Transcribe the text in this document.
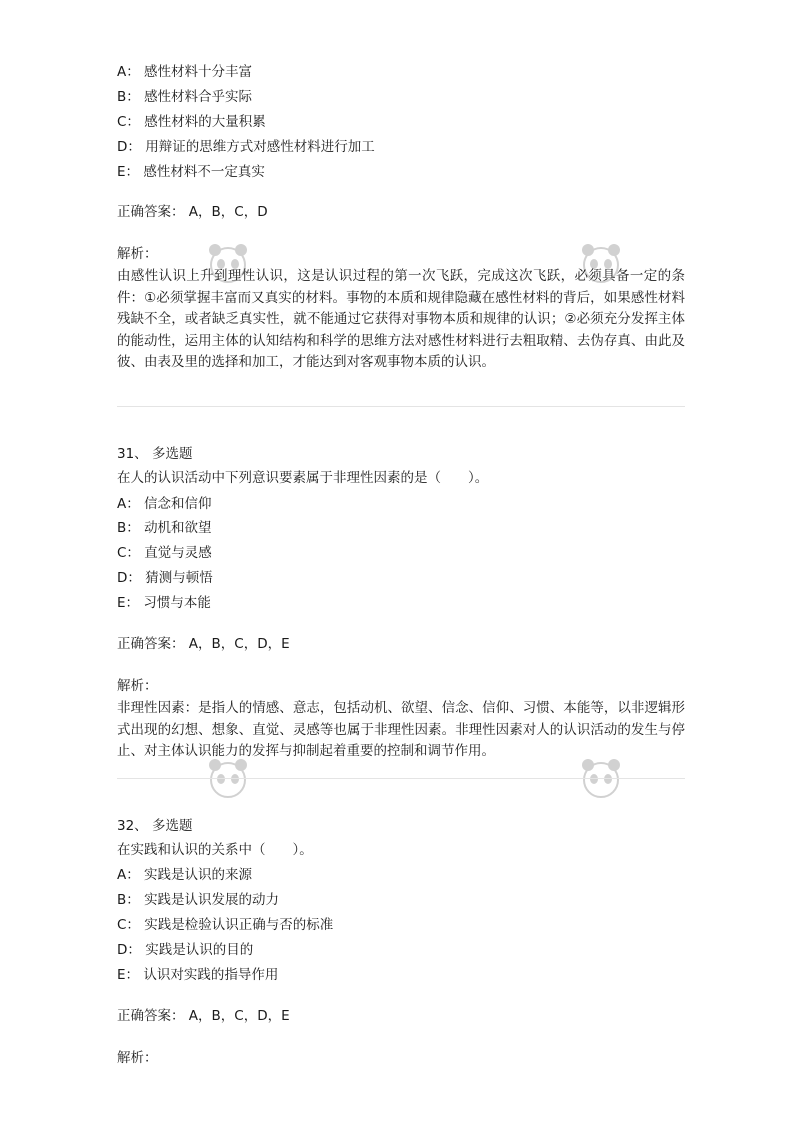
A： 感性材料十分丰富
B： 感性材料合乎实际
C： 感性材料的大量积累
D： 用辩证的思维方式对感性材料进行加工
E： 感性材料不一定真实
正确答案： A，B，C，D
解析：
由感性认识上升到理性认识，这是认识过程的第一次飞跃，完成这次飞跃，必须具备一定的条件：①必须掌握丰富而又真实的材料。事物的本质和规律隐藏在感性材料的背后，如果感性材料残缺不全，或者缺乏真实性，就不能通过它获得对事物本质和规律的认识；②必须充分发挥主体的能动性，运用主体的认知结构和科学的思维方法对感性材料进行去粗取精、去伪存真、由此及彼、由表及里的选择和加工，才能达到对客观事物本质的认识。
31、 多选题
在人的认识活动中下列意识要素属于非理性因素的是（　　）。
A： 信念和信仰
B： 动机和欲望
C： 直觉与灵感
D： 猜测与顿悟
E： 习惯与本能
正确答案： A，B，C，D，E
解析：
非理性因素：是指人的情感、意志，包括动机、欲望、信念、信仰、习惯、本能等，以非逻辑形式出现的幻想、想象、直觉、灵感等也属于非理性因素。非理性因素对人的认识活动的发生与停止、对主体认识能力的发挥与抑制起着重要的控制和调节作用。
32、 多选题
在实践和认识的关系中（　　）。
A： 实践是认识的来源
B： 实践是认识发展的动力
C： 实践是检验认识正确与否的标准
D： 实践是认识的目的
E： 认识对实践的指导作用
正确答案： A，B，C，D，E
解析：
